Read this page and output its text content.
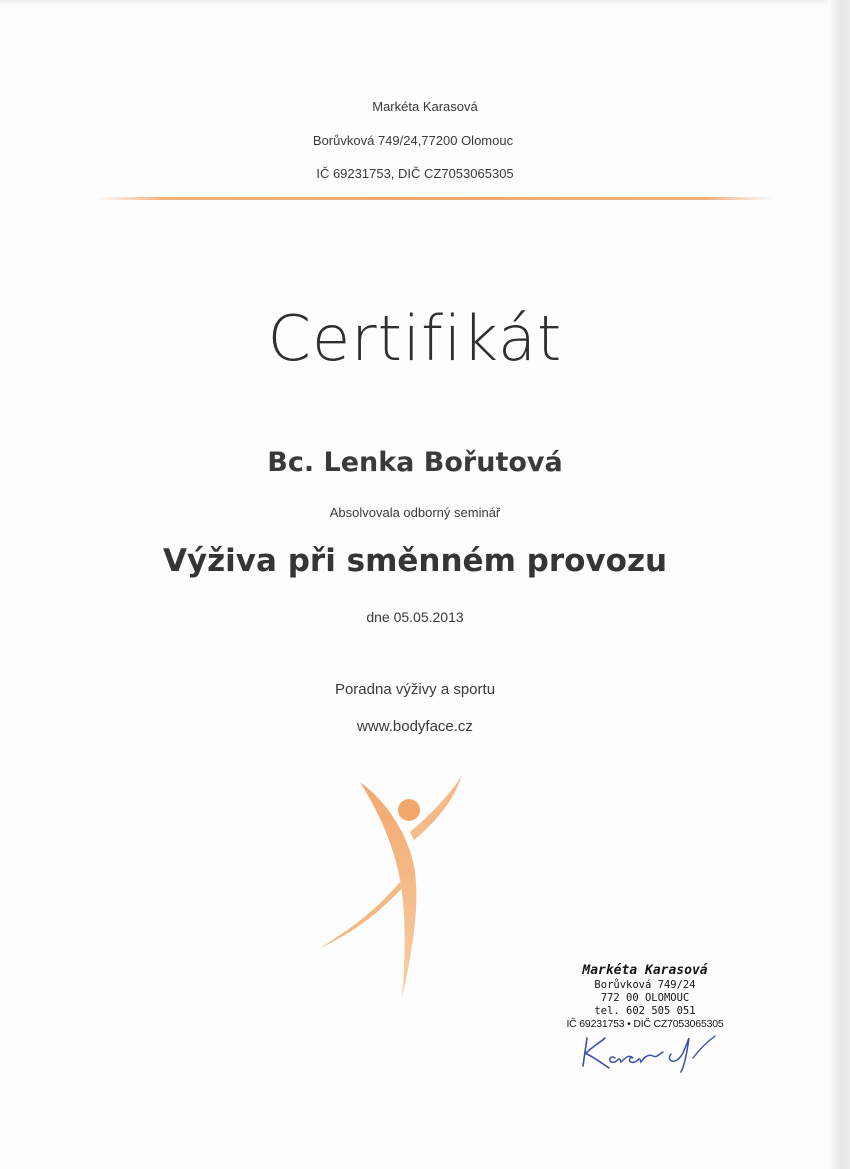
Markéta Karasová
Borůvková 749/24,77200 Olomouc
IČ 69231753, DIČ CZ7053065305
Certifikát
Bc. Lenka Bořutová
Absolvovala odborný seminář
Výživa při směnném provozu
dne 05.05.2013
Poradna výživy a sportu
www.bodyface.cz
Markéta Karasová
Borůvková 749/24
772 00 OLOMOUC
tel. 602 505 051
IČ 69231753 • DIČ CZ7053065305
